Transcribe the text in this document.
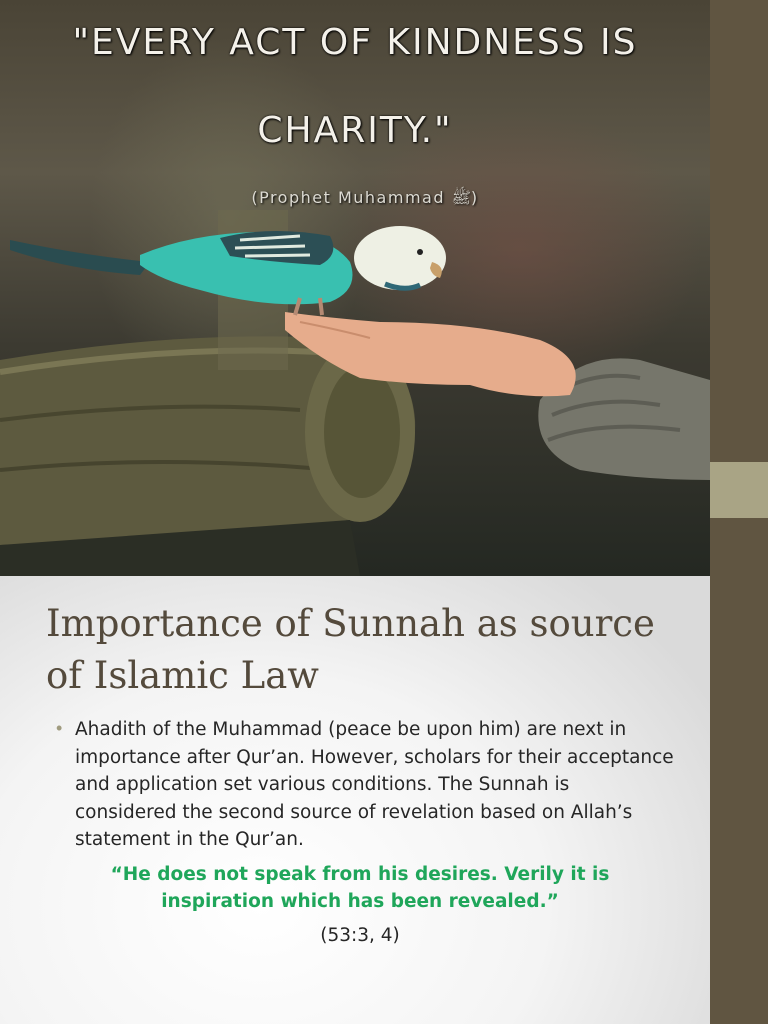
"EVERY ACT OF KINDNESS IS
CHARITY."
(Prophet Muhammad ﷺ)
Importance of Sunnah as source of Islamic Law
• Ahadith of the Muhammad (peace be upon him) are next in importance after Qur’an. However, scholars for their acceptance and application set various conditions. The Sunnah is considered the second source of revelation based on Allah’s statement in the Qur’an.
“He does not speak from his desires. Verily it is inspiration which has been revealed.”
(53:3, 4)
